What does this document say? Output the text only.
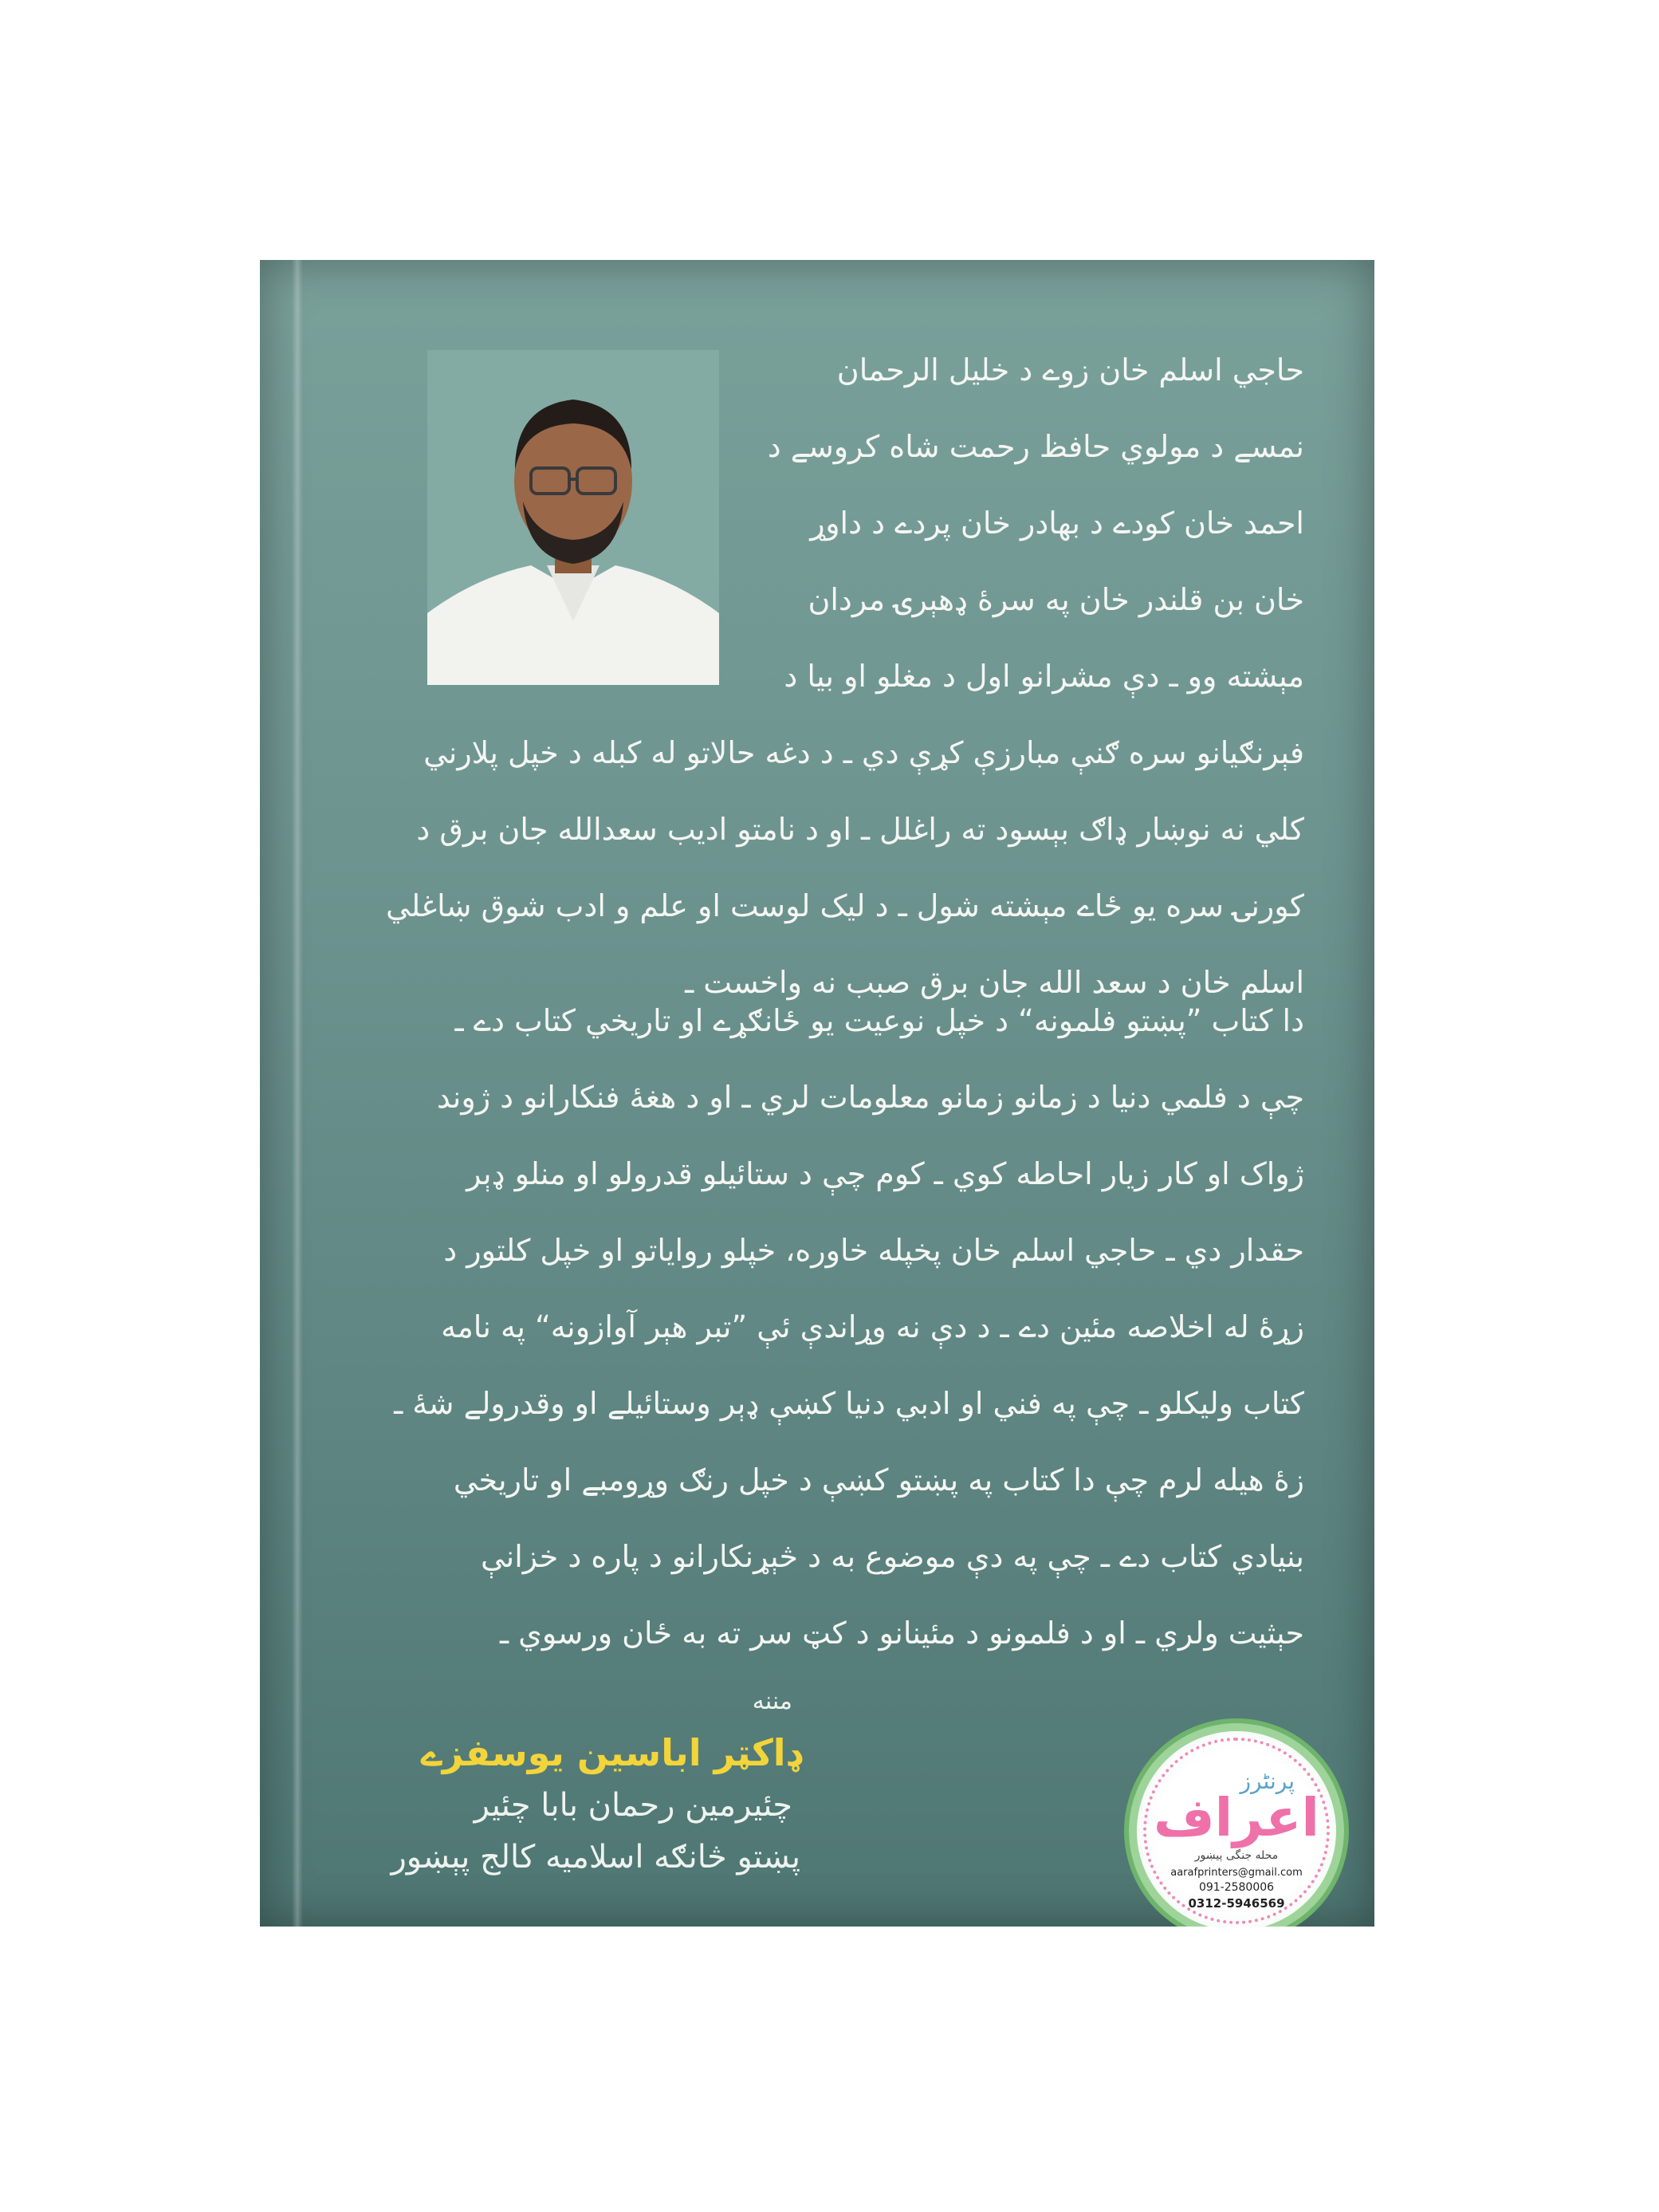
حاجي اسلم خان زوے د خليل الرحمان
نمسے د مولوي حافظ رحمت شاه كروسے د
احمد خان كودے د بهادر خان پردے د داوړ
خان بن قلندر خان په سرۀ ډهېرۍ مردان
مېشته وو ـ دې مشرانو اول د مغلو او بيا د

فېرنګيانو سره ګنې مبارزې كړې دي ـ د دغه حالاتو له كبله د خپل پلارني
كلي نه نوښار ډاګ بېسود ته راغلل ـ او د نامتو اديب سعدالله جان برق د
كورنۍ سره يو ځاے مېشته شول ـ د ليک لوست او علم و ادب شوق ښاغلي
اسلم خان د سعد الله جان برق صبب نه واخست ـ

دا كتاب ”پښتو فلمونه“ د خپل نوعيت يو ځانګړے او تاريخي كتاب دے ـ
چې د فلمي دنيا د زمانو زمانو معلومات لري ـ او د هغۀ فنكارانو د ژوند
ژواک او كار زيار احاطه كوي ـ كوم چې د ستائيلو قدرولو او منلو ډېر
حقدار دي ـ حاجي اسلم خان پخپله خاوره، خپلو رواياتو او خپل كلتور د
زړۀ له اخلاصه مئين دے ـ د دې نه وړاندې ئې ”تبر هېر آوازونه“ په نامه
كتاب وليكلو ـ چې په فني او ادبي دنيا كښې ډېر وستائيلے او وقدرولے شۀ ـ
زۀ هيله لرم چې دا كتاب په پښتو كښې د خپل رنګ وړومبے او تاريخي
بنيادي كتاب دے ـ چې په دې موضوع به د څېړنكارانو د پاره د خزانې
حېثيت ولري ـ او د فلمونو د مئينانو د كټ سر ته به ځان ورسوي ـ

مننه
ډاكټر اباسين يوسفزے
چئيرمين رحمان بابا چئير
پښتو څانګه اسلاميه كالج پېښور
پرنٹرز
اعراف
محله جنگی پیښور
aarafprinters@gmail.com
091-2580006
0312-5946569
